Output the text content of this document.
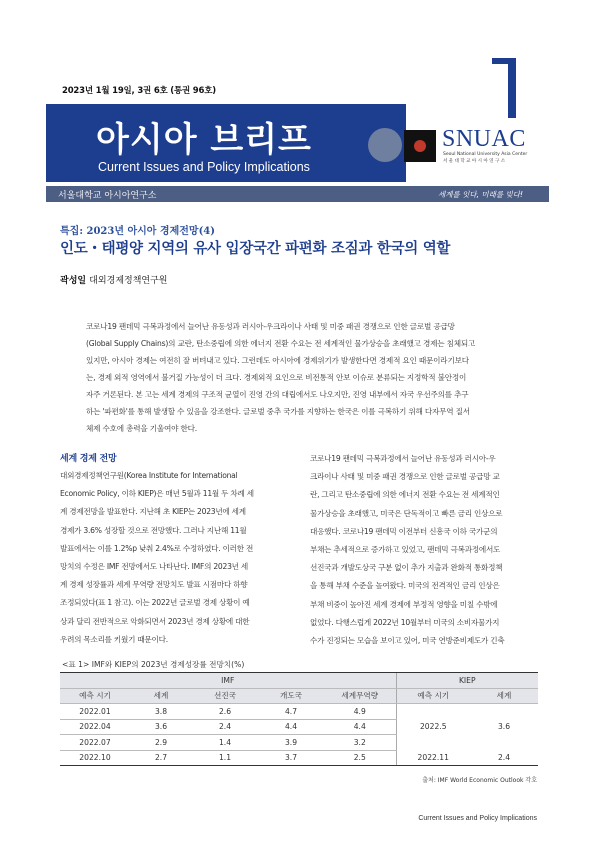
2023년 1월 19일, 3권 6호 (통권 96호)
아시아 브리프
Current Issues and Policy Implications
SNUAC
Seoul National University Asia Center
서 울 대 학 교 아 시 아 연 구 소
서울대학교 아시아연구소	세계를 잇다, 미래를 빚다!
특집: 2023년 아시아 경제전망(4)
인도・태평양 지역의 유사 입장국간 파편화 조짐과 한국의 역할
곽성일 대외경제정책연구원
코로나19 팬데믹 극복과정에서 늘어난 유동성과 러시아-우크라이나 사태 및 미중 패권 경쟁으로 인한 글로벌 공급망
(Global Supply Chains)의 교란, 탄소중립에 의한 에너지 전환 수요는 전 세계적인 물가상승을 초래했고 경제는 침체되고
있지만, 아시아 경제는 여전히 잘 버텨내고 있다. 그런데도 아시아에 경제위기가 발생한다면 경제적 요인 때문이라기보다
는, 경제 외적 영역에서 불거질 가능성이 더 크다. 경제외적 요인으로 비전통적 안보 이슈로 분류되는 지정학적 불안정이
자주 거론된다. 본 고는 세계 경제의 구조적 균열이 진영 간의 대립에서도 나오지만, 진영 내부에서 자국 우선주의를 추구
하는 '파편화'를 통해 발생할 수 있음을 강조한다. 글로벌 중추 국가를 지향하는 한국은 이를 극복하기 위해 다자무역 질서
체제 수호에 총력을 기울여야 한다.
세계 경제 전망
대외경제정책연구원(Korea Institute for International
Economic Policy, 이하 KIEP)은 매년 5월과 11월 두 차례 세
계 경제전망을 발표한다. 지난해 초 KIEP는 2023년에 세계
경제가 3.6% 성장할 것으로 전망했다. 그러나 지난해 11월
발표에서는 이를 1.2%p 낮춰 2.4%로 수정하였다. 이러한 전
망치의 수정은 IMF 전망에서도 나타난다. IMF의 2023년 세
계 경제 성장률과 세계 무역량 전망치도 발표 시점마다 하향
조정되었다(표 1 참고). 이는 2022년 글로벌 경제 상황이 예
상과 달리 전반적으로 악화되면서 2023년 경제 상황에 대한
우려의 목소리를 키웠기 때문이다.
코로나19 팬데믹 극복과정에서 늘어난 유동성과 러시아-우
크라이나 사태 및 미중 패권 경쟁으로 인한 글로벌 공급망 교
란, 그리고 탄소중립에 의한 에너지 전환 수요는 전 세계적인
물가상승을 초래했고, 미국은 단독적이고 빠른 금리 인상으로
대응했다. 코로나19 팬데믹 이전부터 신흥국 이하 국가군의
부채는 추세적으로 증가하고 있었고, 팬데믹 극복과정에서도
선진국과 개발도상국 구분 없이 추가 지출과 완화적 통화정책
을 통해 부채 수준을 높여왔다. 미국의 전격적인 금리 인상은
부채 비중이 높아진 세계 경제에 부정적 영향을 미칠 수밖에
없었다. 다행스럽게 2022년 10월부터 미국의 소비자물가지
수가 진정되는 모습을 보이고 있어, 미국 연방준비제도가 긴축
<표 1> IMF와 KIEP의 2023년 경제성장률 전망치(%)
IMF					KIEP	
예측 시기	세계	선진국	개도국	세계무역량	예측 시기	세계
2022.01	3.8	2.6	4.7	4.9		
2022.04	3.6	2.4	4.4	4.4	2022.5	3.6
2022.07	2.9	1.4	3.9	3.2		
2022.10	2.7	1.1	3.7	2.5	2022.11	2.4
출처: IMF World Economic Outlook 각호
Current Issues and Policy Implications
